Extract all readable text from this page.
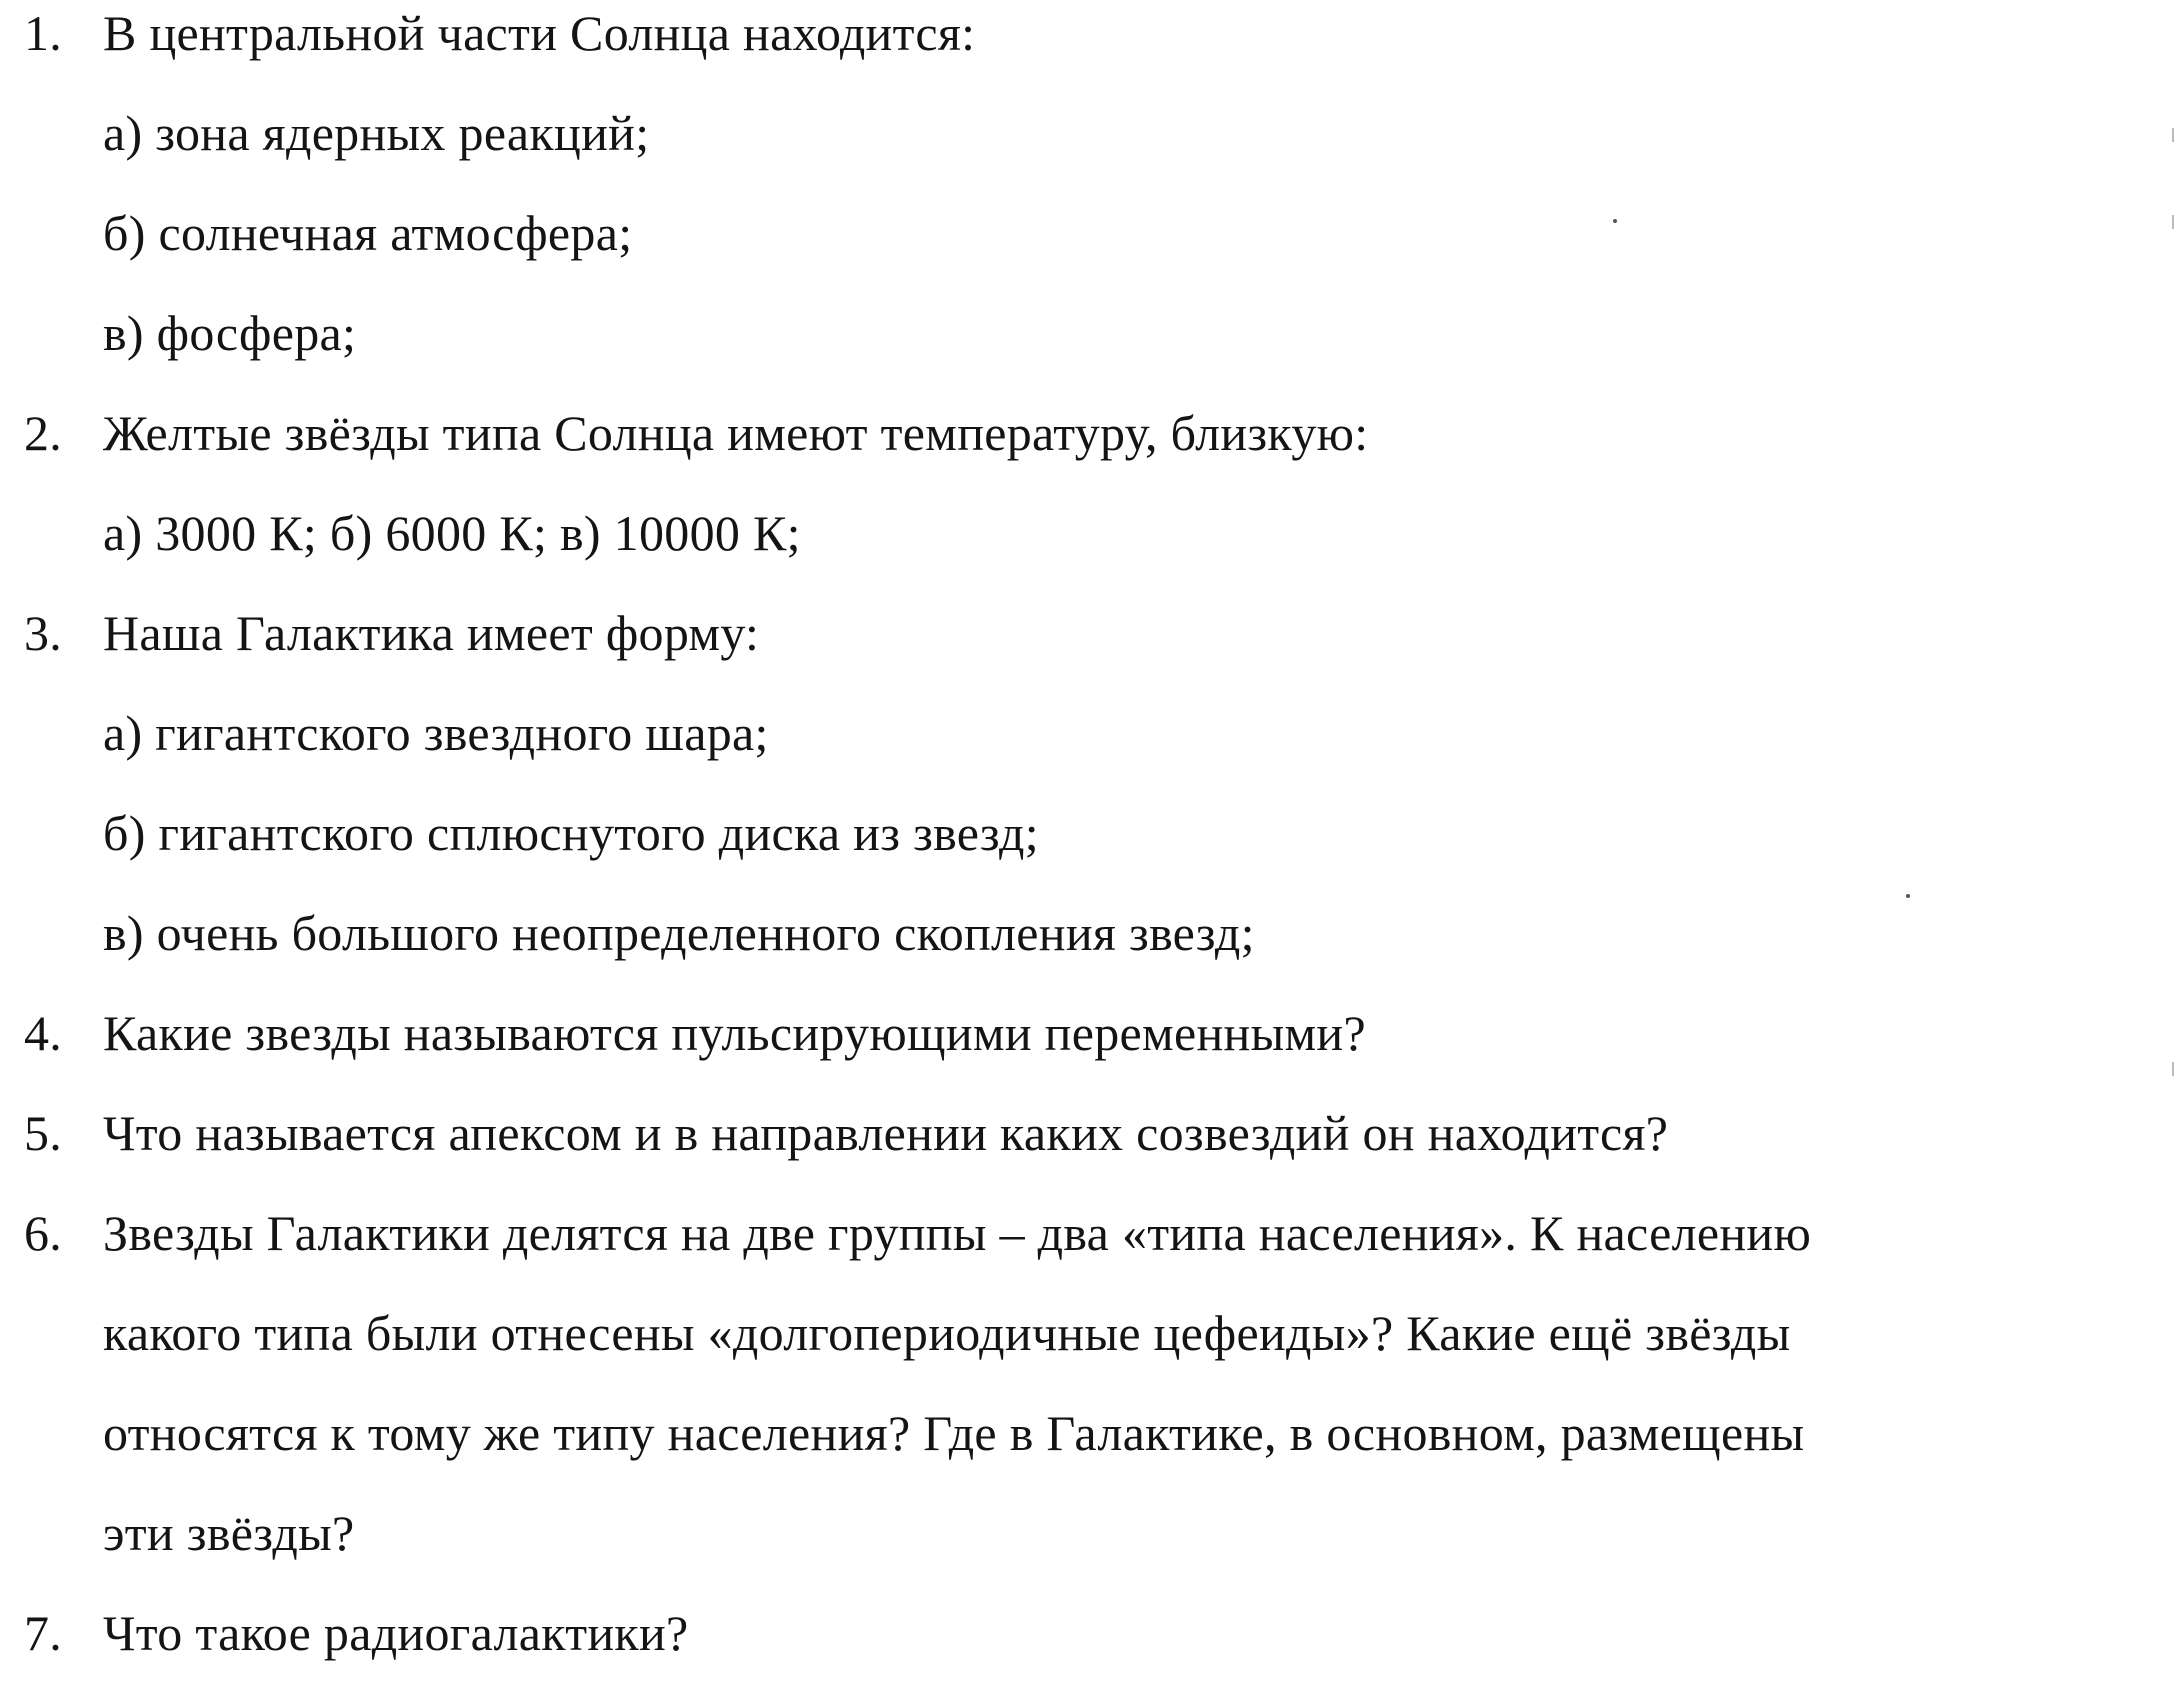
1. В центральной части Солнца находится:
а) зона ядерных реакций;
б) солнечная атмосфера;
в) фосфера;
2. Желтые звёзды типа Солнца имеют температуру, близкую:
а) 3000 К; б) 6000 К; в) 10000 К;
3. Наша Галактика имеет форму:
а) гигантского звездного шара;
б) гигантского сплюснутого диска из звезд;
в) очень большого неопределенного скопления звезд;
4. Какие звезды называются пульсирующими переменными?
5. Что называется апексом и в направлении каких созвездий он находится?
6. Звезды Галактики делятся на две группы – два «типа населения». К населению
какого типа были отнесены «долгопериодичные цефеиды»? Какие ещё звёзды
относятся к тому же типу населения? Где в Галактике, в основном, размещены
эти звёзды?
7. Что такое радиогалактики?
